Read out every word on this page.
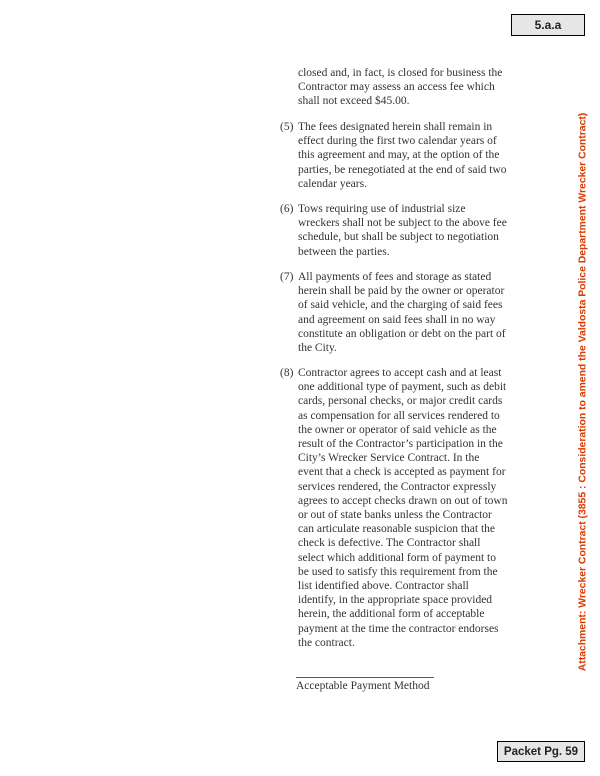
5.a.a
Attachment: Wrecker Contract (3855 : Consideration to amend the Valdosta Police Department Wrecker Contract)
closed and, in fact, is closed for business the
Contractor may assess an access fee which
shall not exceed $45.00.
(5) The fees designated herein shall remain in
effect during the first two calendar years of
this agreement and may, at the option of the
parties, be renegotiated at the end of said two
calendar years.
(6) Tows requiring use of industrial size
wreckers shall not be subject to the above fee
schedule, but shall be subject to negotiation
between the parties.
(7) All payments of fees and storage as stated
herein shall be paid by the owner or operator
of said vehicle, and the charging of said fees
and agreement on said fees shall in no way
constitute an obligation or debt on the part of
the City.
(8) Contractor agrees to accept cash and at least
one additional type of payment, such as debit
cards, personal checks, or major credit cards
as compensation for all services rendered to
the owner or operator of said vehicle as the
result of the Contractor’s participation in the
City’s Wrecker Service Contract. In the
event that a check is accepted as payment for
services rendered, the Contractor expressly
agrees to accept checks drawn on out of town
or out of state banks unless the Contractor
can articulate reasonable suspicion that the
check is defective. The Contractor shall
select which additional form of payment to
be used to satisfy this requirement from the
list identified above. Contractor shall
identify, in the appropriate space provided
herein, the additional form of acceptable
payment at the time the contractor endorses
the contract.
Acceptable Payment Method
Packet Pg. 59
